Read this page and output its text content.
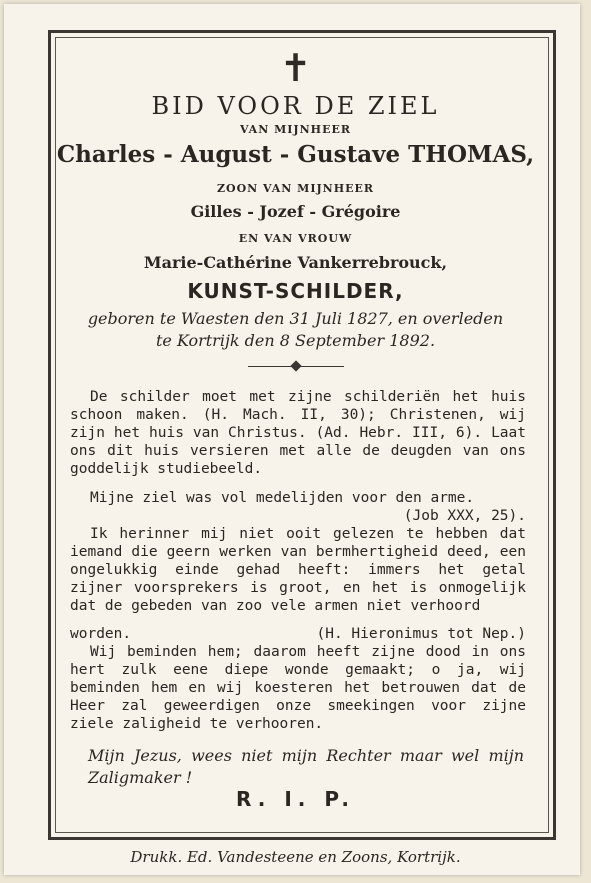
✝
BID VOOR DE ZIEL
VAN MIJNHEER
Charles - August - Gustave THOMAS,
ZOON VAN MIJNHEER
Gilles - Jozef - Grégoire
EN VAN VROUW
Marie-Cathérine Vankerrebrouck,
KUNST-SCHILDER,
geboren te Waesten den 31 Juli 1827, en overleden
te Kortrijk den 8 September 1892.
De schilder moet met zijne schilderiën het huis schoon maken. (H. Mach. II, 30); Christenen, wij zijn het huis van Christus. (Ad. Hebr. III, 6). Laat ons dit huis versieren met alle de deugden van ons goddelijk studiebeeld.
Mijne ziel was vol medelijden voor den arme.
(Job XXX, 25).
Ik herinner mij niet ooit gelezen te hebben dat iemand die geern werken van bermhertigheid deed, een ongelukkig einde gehad heeft: immers het getal zijner voorsprekers is groot, en het is onmogelijk dat de gebeden van zoo vele armen niet verhoord
worden.	(H. Hieronimus tot Nep.)
Wij beminden hem; daarom heeft zijne dood in ons hert zulk eene diepe wonde gemaakt; o ja, wij beminden hem en wij koesteren het betrouwen dat de Heer zal geweerdigen onze smeekingen voor zijne ziele zaligheid te verhooren.
Mijn Jezus, wees niet mijn Rechter maar wel mijn Zaligmaker !
R. I. P.
Drukk. Ed. Vandesteene en Zoons, Kortrijk.
